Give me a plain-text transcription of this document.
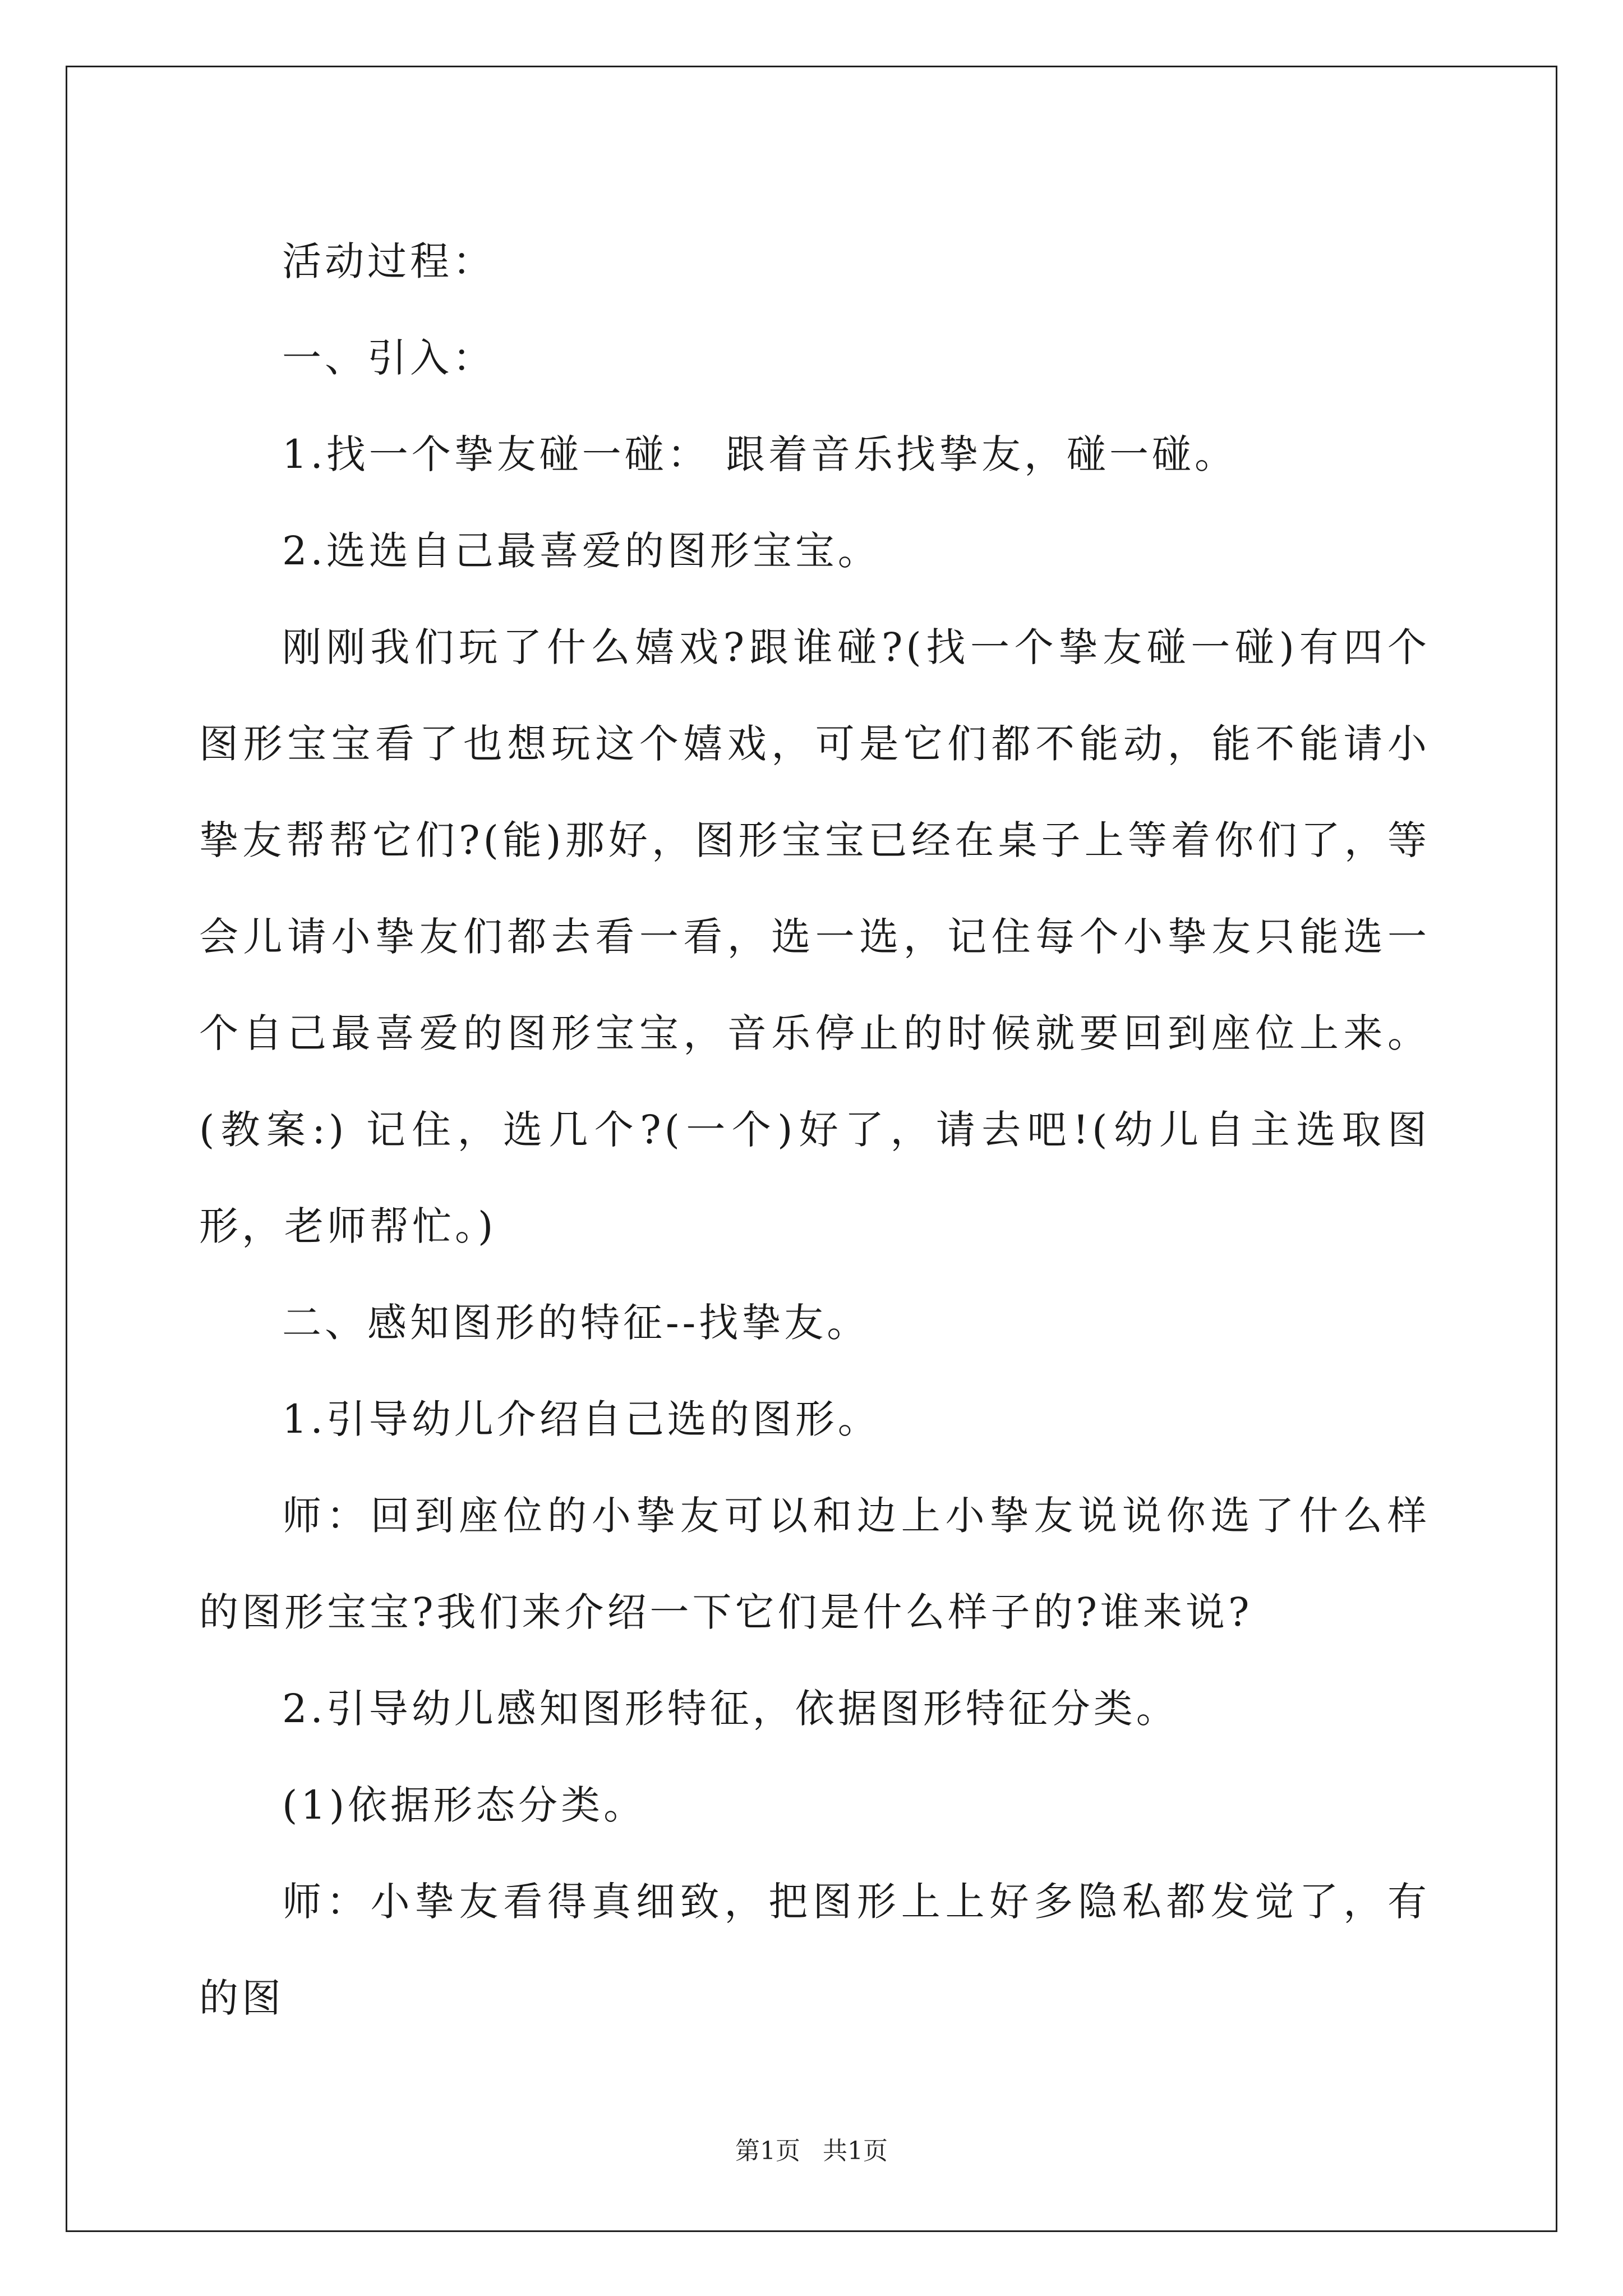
活动过程：

一、引入：

1.找一个挚友碰一碰： 跟着音乐找挚友，碰一碰。

2.选选自己最喜爱的图形宝宝。

刚刚我们玩了什么嬉戏?跟谁碰?(找一个挚友碰一碰)有四个图形宝宝看了也想玩这个嬉戏，可是它们都不能动，能不能请小挚友帮帮它们?(能)那好，图形宝宝已经在桌子上等着你们了，等会儿请小挚友们都去看一看，选一选，记住每个小挚友只能选一个自己最喜爱的图形宝宝，音乐停止的时候就要回到座位上来。(教案:) 记住，选几个?(一个)好了，请去吧!(幼儿自主选取图形，老师帮忙。)

二、感知图形的特征--找挚友。

1.引导幼儿介绍自己选的图形。

师：回到座位的小挚友可以和边上小挚友说说你选了什么样的图形宝宝?我们来介绍一下它们是什么样子的?谁来说?

2.引导幼儿感知图形特征，依据图形特征分类。

(1)依据形态分类。

师：小挚友看得真细致，把图形上上好多隐私都发觉了，有的图

第1页 共1页
